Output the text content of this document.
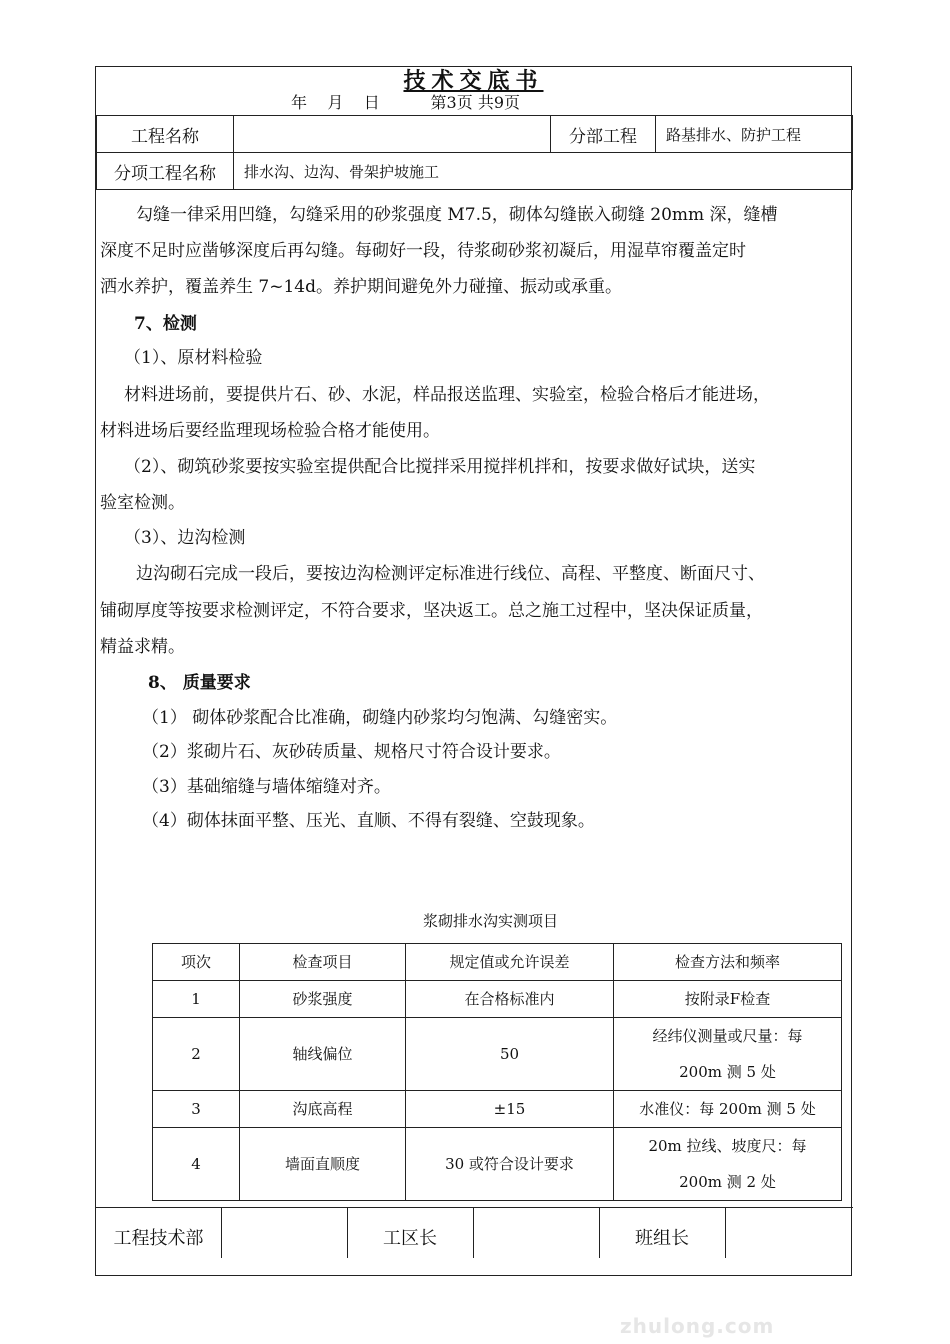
技术交底书
年    月    日          第3页 共9页
工程名称		分部工程	路基排水、防护工程
分项工程名称	排水沟、边沟、骨架护坡施工		
勾缝一律采用凹缝，勾缝采用的砂浆强度 M7.5，砌体勾缝嵌入砌缝 20mm 深，缝槽
深度不足时应凿够深度后再勾缝。每砌好一段，待浆砌砂浆初凝后，用湿草帘覆盖定时
洒水养护，覆盖养生 7~14d。养护期间避免外力碰撞、振动或承重。
7、检测
（1）、原材料检验
材料进场前，要提供片石、砂、水泥，样品报送监理、实验室，检验合格后才能进场，
材料进场后要经监理现场检验合格才能使用。
（2）、砌筑砂浆要按实验室提供配合比搅拌采用搅拌机拌和，按要求做好试块，送实
验室检测。
（3）、边沟检测
边沟砌石完成一段后，要按边沟检测评定标准进行线位、高程、平整度、断面尺寸、
铺砌厚度等按要求检测评定，不符合要求，坚决返工。总之施工过程中，坚决保证质量，
精益求精。
8、 质量要求
（1） 砌体砂浆配合比准确，砌缝内砂浆均匀饱满、勾缝密实。
（2）浆砌片石、灰砂砖质量、规格尺寸符合设计要求。
（3）基础缩缝与墙体缩缝对齐。
（4）砌体抹面平整、压光、直顺、不得有裂缝、空鼓现象。
浆砌排水沟实测项目
项次	检查项目	规定值或允许误差	检查方法和频率
1	砂浆强度	在合格标准内	按附录F检查
2	轴线偏位	50	经纬仪测量或尺量：每
200m 测 5 处
3	沟底高程	±15	水准仪：每 200m 测 5 处
4	墙面直顺度	30 或符合设计要求	20m 拉线、坡度尺：每
200m 测 2 处
工程技术部	工区长	班组长
zhulong.com
